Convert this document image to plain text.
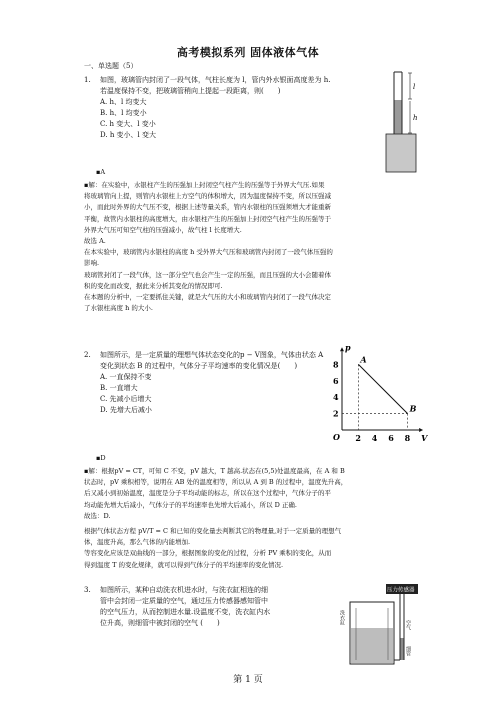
高考模拟系列 固体液体气体
一、单选题（5）
1.	如图，玻璃管内封闭了一段气体，气柱长度为 l，管内外水银面高度差为 h.若温度保持不变，把玻璃管稍向上提起一段距离，则(　　)
A. h、l 均变大
B. h、l 均变小
C. h 变大、l 变小
D. h 变小、l 变大
l
h
▪A
▪解：在实验中，水银柱产生的压强加上封闭空气柱产生的压强等于外界大气压.如果
将玻璃管向上提，则管内水银柱上方空气的体积增大，因为温度保持不变，所以压强减
小，而此时外界的大气压不变，根据上述等量关系，管内水银柱的压强须增大才能重新
平衡，故管内水银柱的高度增大，由水银柱产生的压强加上封闭空气柱产生的压强等于
外界大气压可知空气柱的压强减小，故气柱 l 长度增大.
故选 A.
在本实验中，玻璃管内水银柱的高度 h 受外界大气压和玻璃管内封闭了一段气体压强的
影响.
玻璃管封闭了一段气体，这一部分空气也会产生一定的压强，而且压强的大小会随着体
积的变化而改变，据此来分析其变化的情况即可.
在本题的分析中，一定要抓住关键，就是大气压的大小和玻璃管内封闭了一段气体决定
了水银柱高度 h 的大小.
2.	如图所示，是一定质量的理想气体状态变化的p − V图象，气体由状态 A 变化到状态 B 的过程中，气体分子平均速率的变化情况是(　　)
A. 一直保持不变
B. 一直增大
C. 先减小后增大
D. 先增大后减小
p
V
O 2 4 6 8
2
4
6
8	A
B
▪D
▪解：根据pV = CT，可知 C 不变，pV 越大，T 越高.状态在(5,5)处温度最高，在 A 和 B
状态时，pV 乘积相等，说明在 AB 处的温度相等，所以从 A 到 B 的过程中，温度先升高，
后又减小到初始温度，温度是分子平均动能的标志，所以在这个过程中，气体分子的平
均动能先增大后减小，气体分子的平均速率也先增大后减小，所以 D 正确.
故选：D.
根据气体状态方程 pV/T = C 和已知的变化量去判断其它的物理量,对于一定质量的理想气
体，温度升高，那么气体的内能增加.
等容变化应该是双曲线的一部分，根据图象的变化的过程，分析 PV 乘积的变化，从而
得到温度 T 的变化规律，就可以得到气体分子的平均速率的变化情况.
3.	如图所示，某种自动洗衣机进水时，与洗衣缸相连的细
管中会封闭一定质量的空气，通过压力传感器感知管中
的空气压力，从而控制进水量.设温度不变，洗衣缸内水
位升高，则细管中被封闭的空气 (　　)
压力传感器
洗衣缸	空气
细管
第 1 页
